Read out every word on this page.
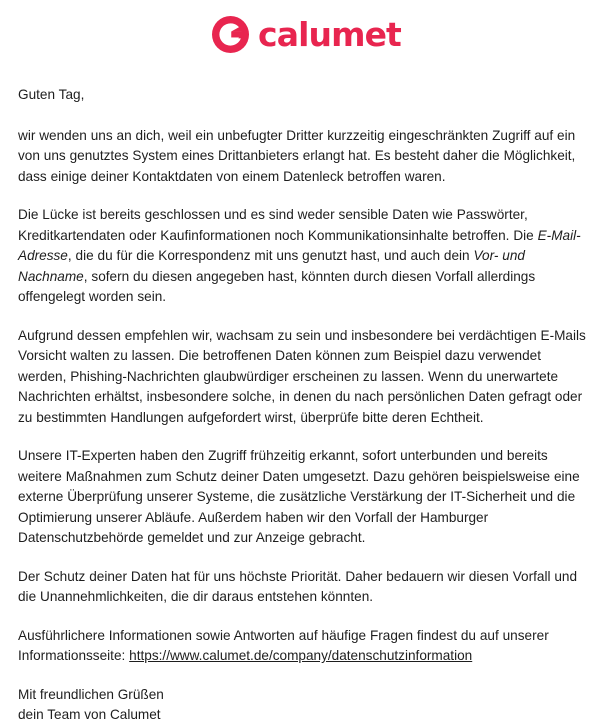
calumet

Guten Tag,

wir wenden uns an dich, weil ein unbefugter Dritter kurzzeitig eingeschränkten Zugriff auf ein von uns genutztes System eines Drittanbieters erlangt hat. Es besteht daher die Möglichkeit, dass einige deiner Kontaktdaten von einem Datenleck betroffen waren.

Die Lücke ist bereits geschlossen und es sind weder sensible Daten wie Passwörter, Kreditkartendaten oder Kaufinformationen noch Kommunikationsinhalte betroffen. Die E-Mail-Adresse, die du für die Korrespondenz mit uns genutzt hast, und auch dein Vor- und Nachname, sofern du diesen angegeben hast, könnten durch diesen Vorfall allerdings offengelegt worden sein.

Aufgrund dessen empfehlen wir, wachsam zu sein und insbesondere bei verdächtigen E-Mails Vorsicht walten zu lassen. Die betroffenen Daten können zum Beispiel dazu verwendet werden, Phishing-Nachrichten glaubwürdiger erscheinen zu lassen. Wenn du unerwartete Nachrichten erhältst, insbesondere solche, in denen du nach persönlichen Daten gefragt oder zu bestimmten Handlungen aufgefordert wirst, überprüfe bitte deren Echtheit.

Unsere IT-Experten haben den Zugriff frühzeitig erkannt, sofort unterbunden und bereits weitere Maßnahmen zum Schutz deiner Daten umgesetzt. Dazu gehören beispielsweise eine externe Überprüfung unserer Systeme, die zusätzliche Verstärkung der IT-Sicherheit und die Optimierung unserer Abläufe. Außerdem haben wir den Vorfall der Hamburger Datenschutzbehörde gemeldet und zur Anzeige gebracht.

Der Schutz deiner Daten hat für uns höchste Priorität. Daher bedauern wir diesen Vorfall und die Unannehmlichkeiten, die dir daraus entstehen könnten.

Ausführlichere Informationen sowie Antworten auf häufige Fragen findest du auf unserer Informationsseite: https://www.calumet.de/company/datenschutzinformation

Mit freundlichen Grüßen
dein Team von Calumet
